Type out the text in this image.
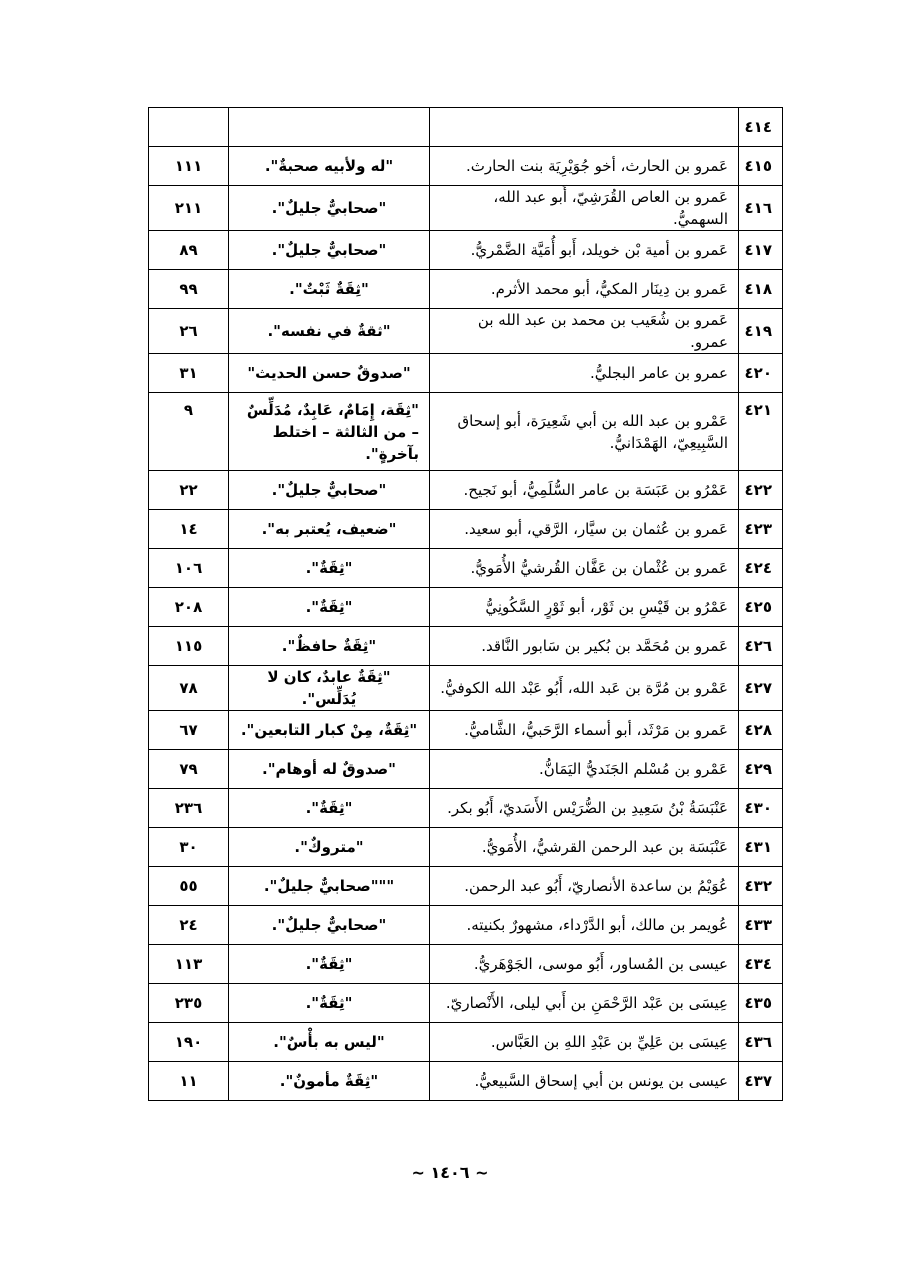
٤١٤			
٤١٥	عَمرو بن الحارث، أخو جُوَيْرِيَة بنت الحارث.	"له ولأبيه صحبةٌ".	١١١
٤١٦	عَمرو بن العاص القُرَشِيّ، أَبو عبد الله، السهميُّ.	"صحابيٌّ جليلٌ".	٢١١
٤١٧	عَمرو بن أمية بْن خويلد، أَبو أُمَيَّة الضَّمْريُّ.	"صحابيٌّ جليلٌ".	٨٩
٤١٨	عَمرو بن دِينَار المكيُّ، أبو محمد الأثرم.	"ثِقَةٌ ثَبْتٌ".	٩٩
٤١٩	عَمرو بن شُعَيب بن محمد بن عبد الله بن عمرو.	"ثقةٌ في نفسه".	٢٦
٤٢٠	عمرو بن عامر البجليُّ.	"صدوقٌ حسن الحديث"	٣١
٤٢١	عَمْرو بن عبد الله بن أبي شَعِيرَة، أبو إسحاق السَّبِيعِيّ، الهَمْدَانيُّ.	"ثِقَة، إِمَامٌ، عَابِدٌ، مُدَلِّسٌ – من الثالثة – اختلط بآخرةٍ".	٩
٤٢٢	عَمْرُو بن عَبَسَة بن عامر السُّلَمِيُّ، أبو نَجيح.	"صحابيٌّ جليلٌ".	٢٢
٤٢٣	عَمرو بن عُثمان بن سيَّار، الرَّقي، أبو سعيد.	"ضعيف، يُعتبر به".	١٤
٤٢٤	عَمرو بن عُثْمان بن عَفَّان القُرشيُّ الأُمَويُّ.	"ثِقَةٌ".	١٠٦
٤٢٥	عَمْرُو بن قَيْسِ بن ثَوْر، أبو ثَوْرٍ السَّكُونِيُّ	"ثِقَةٌ".	٢٠٨
٤٢٦	عَمرو بن مُحَمَّد بن بُكير بن سَابور النَّاقد.	"ثِقَةٌ حافظٌ".	١١٥
٤٢٧	عَمْرو بن مُرَّة بن عَبد الله، أَبُو عَبْد الله الكوفيُّ.	"ثِقَةٌ عابدٌ، كان لا يُدَلِّس".	٧٨
٤٢٨	عَمرو بن مَرْثَد، أبو أسماء الرَّحَبيُّ، الشَّاميُّ.	"ثِقَةٌ، مِنْ كبار التابعين".	٦٧
٤٢٩	عَمْرو بن مُسْلم الجَنَديُّ اليَمَانُّ.	"صدوقٌ له أوهام".	٧٩
٤٣٠	عَنْبَسَةُ بْنُ سَعِيدِ بن الضُّرَيْس الأَسَديّ، أَبُو بكر.	"ثِقَةٌ".	٢٣٦
٤٣١	عَنْبَسَة بن عبد الرحمن القرشيُّ، الأُمَويُّ.	"متروكٌ".	٣٠
٤٣٢	عُوَيْمُ بن ساعدة الأنصاريّ، أَبُو عبد الرحمن.	"""صحابيٌّ جليلٌ".	٥٥
٤٣٣	عُويمر بن مالك، أبو الدَّرْداء، مشهورٌ بكنيته.	"صحابيٌّ جليلٌ".	٢٤
٤٣٤	عيسى بن المُساور، أَبُو موسى، الجَوْهَريُّ.	"ثِقَةٌ".	١١٣
٤٣٥	عِيسَى بن عَبْد الرَّحْمَنِ بن أَبي ليلى، الأَنْصاريّ.	"ثِقَةٌ".	٢٣٥
٤٣٦	عِيسَى بن عَلِيِّ بن عَبْدِ اللهِ بن العَبَّاس.	"ليس به بأْسٌ".	١٩٠
٤٣٧	عيسى بن يونس بن أبي إسحاق السَّبيعيُّ.	"ثِقَةٌ مأمونٌ".	١١
~ ١٤٠٦ ~
